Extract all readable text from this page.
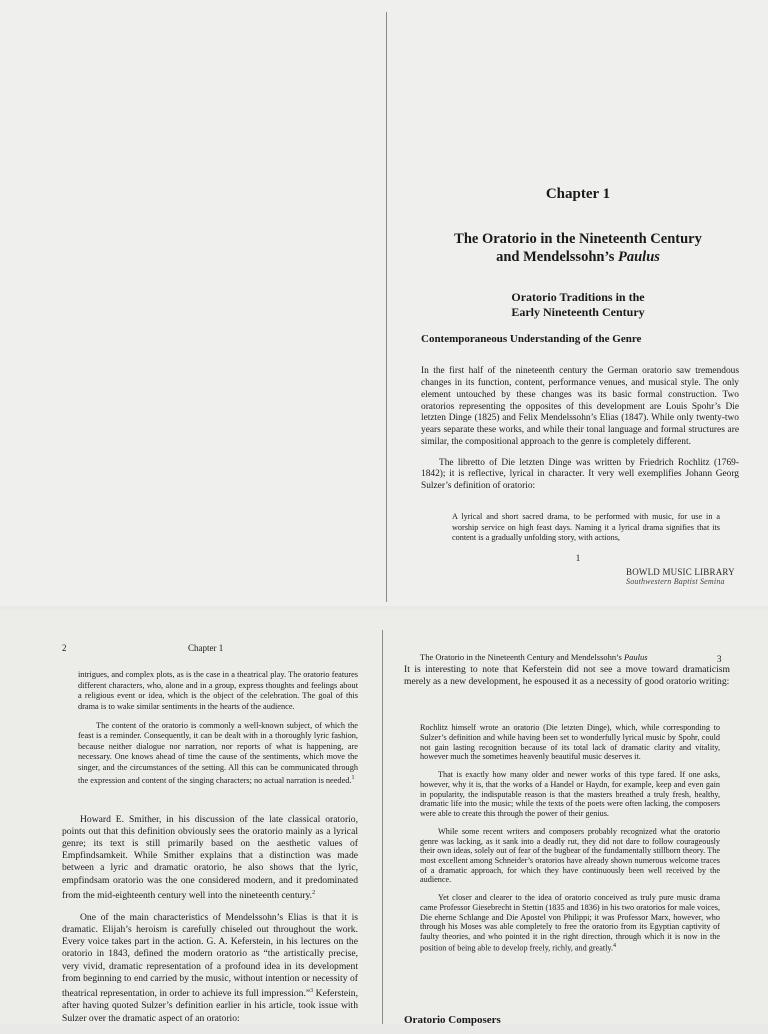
Chapter 1
The Oratorio in the Nineteenth Century
and Mendelssohn’s Paulus
Oratorio Traditions in the
Early Nineteenth Century
Contemporaneous Understanding of the Genre

In the first half of the nineteenth century the German oratorio saw tremendous changes in its function, content, performance venues, and musical style. The only element untouched by these changes was its basic formal construction. Two oratorios representing the opposites of this development are Louis Spohr’s Die letzten Dinge (1825) and Felix Mendelssohn’s Elias (1847). While only twenty-two years separate these works, and while their tonal language and formal structures are similar, the compositional approach to the genre is completely different.

The libretto of Die letzten Dinge was written by Friedrich Rochlitz (1769-1842); it is reflective, lyrical in character. It very well exemplifies Johann Georg Sulzer’s definition of oratorio:

A lyrical and short sacred drama, to be performed with music, for use in a worship service on high feast days. Naming it a lyrical drama signifies that its content is a gradually unfolding story, with actions,
1
BOWLD MUSIC LIBRARY
Southwestern Baptist Semina
2	Chapter 1

intrigues, and complex plots, as is the case in a theatrical play. The oratorio features different characters, who, alone and in a group, express thoughts and feelings about a religious event or idea, which is the object of the celebration. The goal of this drama is to wake similar sentiments in the hearts of the audience.

The content of the oratorio is commonly a well-known subject, of which the feast is a reminder. Consequently, it can be dealt with in a thoroughly lyric fashion, because neither dialogue nor narration, nor reports of what is happening, are necessary. One knows ahead of time the cause of the sentiments, which move the singer, and the circumstances of the setting. All this can be communicated through the expression and content of the singing characters; no actual narration is needed.$^1$

Howard E. Smither, in his discussion of the late classical oratorio, points out that this definition obviously sees the oratorio mainly as a lyrical genre; its text is still primarily based on the aesthetic values of Empfindsamkeit. While Smither explains that a distinction was made between a lyric and dramatic oratorio, he also shows that the lyric, empfindsam oratorio was the one considered modern, and it predominated from the mid-eighteenth century well into the nineteenth century.$^2$

One of the main characteristics of Mendelssohn’s Elias is that it is dramatic. Elijah’s heroism is carefully chiseled out throughout the work. Every voice takes part in the action. G. A. Keferstein, in his lectures on the oratorio in 1843, defined the modern oratorio as “the artistically precise, very vivid, dramatic representation of a profound idea in its development from beginning to end carried by the music, without intention or necessity of theatrical representation, in order to achieve its full impression.”$^3$ Keferstein, after having quoted Sulzer’s definition earlier in his article, took issue with Sulzer over the dramatic aspect of an oratorio:

The Oratorio in the Nineteenth Century and Mendelssohn’s Paulus	3
It is interesting to note that Keferstein did not see a move toward dramaticism merely as a new development, he espoused it as a necessity of good oratorio writing:

Rochlitz himself wrote an oratorio (Die letzten Dinge), which, while corresponding to Sulzer’s definition and while having been set to wonderfully lyrical music by Spohr, could not gain lasting recognition because of its total lack of dramatic clarity and vitality, however much the sometimes heavenly beautiful music deserves it.

That is exactly how many older and newer works of this type fared. If one asks, however, why it is, that the works of a Handel or Haydn, for example, keep and even gain in popularity, the indisputable reason is that the masters breathed a truly fresh, healthy, dramatic life into the music; while the texts of the poets were often lacking, the composers were able to create this through the power of their genius.

While some recent writers and composers probably recognized what the oratorio genre was lacking, as it sank into a deadly rut, they did not dare to follow courageously their own ideas, solely out of fear of the bugbear of the fundamentally stillborn theory. The most excellent among Schneider’s oratorios have already shown numerous welcome traces of a dramatic approach, for which they have continuously been well received by the audience.

Yet closer and clearer to the idea of oratorio conceived as truly pure music drama came Professor Giesebrecht in Stettin (1835 and 1836) in his two oratorios for male voices, Die eherne Schlange and Die Apostel von Philippi; it was Professor Marx, however, who through his Moses was able completely to free the oratorio from its Egyptian captivity of faulty theories, and who pointed it in the right direction, through which it is now in the position of being able to develop freely, richly, and greatly.$^4$

Oratorio Composers
